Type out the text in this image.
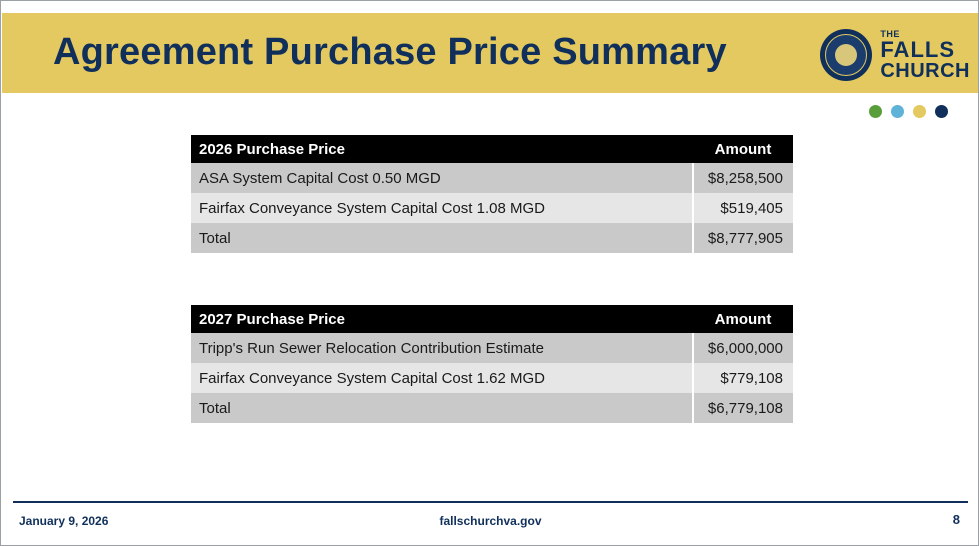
Agreement Purchase Price Summary	THE
FALLS
CHURCH
2026 Purchase Price	Amount
ASA System Capital Cost 0.50 MGD	$8,258,500
Fairfax Conveyance System Capital Cost 1.08 MGD	$519,405
Total	$8,777,905
2027 Purchase Price	Amount
Tripp's Run Sewer Relocation Contribution Estimate	$6,000,000
Fairfax Conveyance System Capital Cost 1.62 MGD	$779,108
Total	$6,779,108
January 9, 2026	fallschurchva.gov	8
